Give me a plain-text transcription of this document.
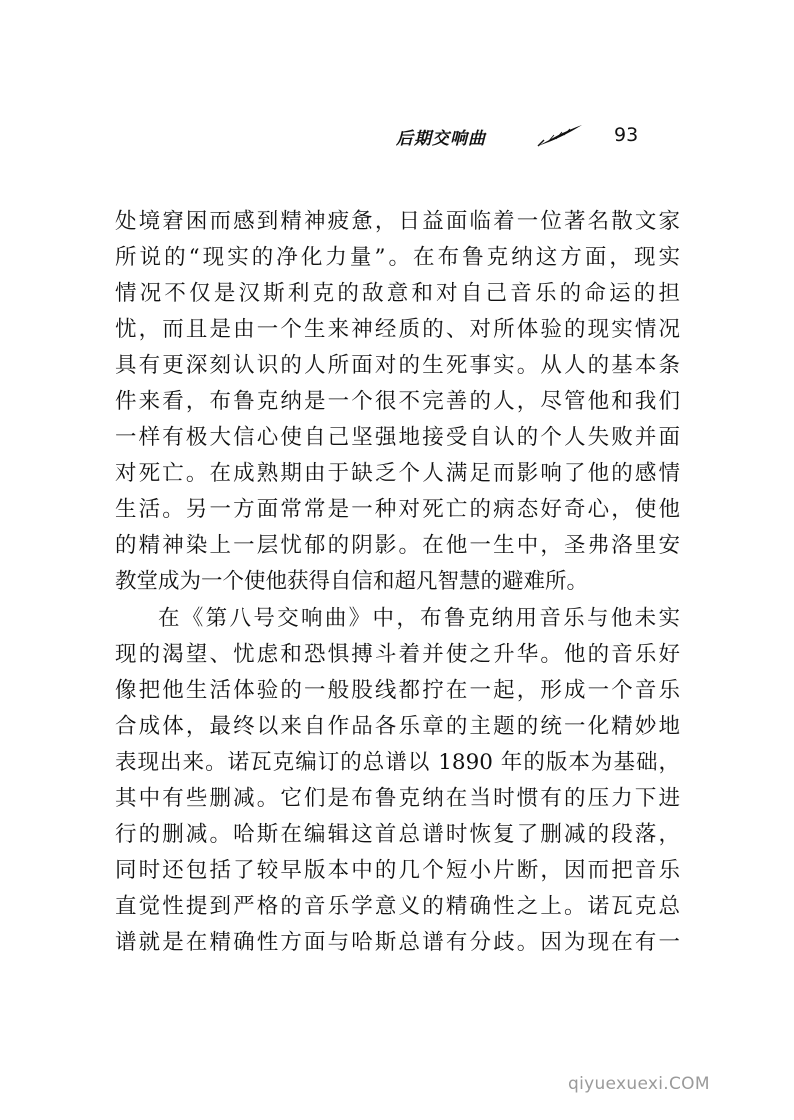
后期交响曲	93
处境窘困而感到精神疲惫，日益面临着一位著名散文家
所说的“现实的净化力量”。在布鲁克纳这方面，现实
情况不仅是汉斯利克的敌意和对自己音乐的命运的担
忧，而且是由一个生来神经质的、对所体验的现实情况
具有更深刻认识的人所面对的生死事实。从人的基本条
件来看，布鲁克纳是一个很不完善的人，尽管他和我们
一样有极大信心使自己坚强地接受自认的个人失败并面
对死亡。在成熟期由于缺乏个人满足而影响了他的感情
生活。另一方面常常是一种对死亡的病态好奇心，使他
的精神染上一层忧郁的阴影。在他一生中，圣弗洛里安
教堂成为一个使他获得自信和超凡智慧的避难所。
在《第八号交响曲》中，布鲁克纳用音乐与他未实
现的渴望、忧虑和恐惧搏斗着并使之升华。他的音乐好
像把他生活体验的一般股线都拧在一起，形成一个音乐
合成体，最终以来自作品各乐章的主题的统一化精妙地
表现出来。诺瓦克编订的总谱以 1890 年的版本为基础，
其中有些删减。它们是布鲁克纳在当时惯有的压力下进
行的删减。哈斯在编辑这首总谱时恢复了删减的段落，
同时还包括了较早版本中的几个短小片断，因而把音乐
直觉性提到严格的音乐学意义的精确性之上。诺瓦克总
谱就是在精确性方面与哈斯总谱有分歧。因为现在有一
qiyuexuexi.COM
